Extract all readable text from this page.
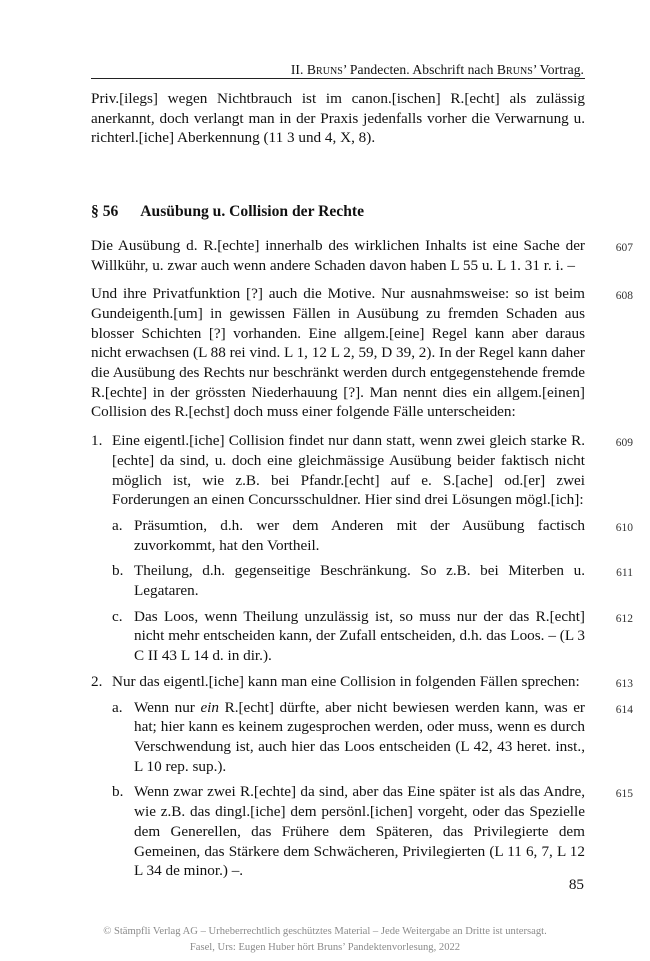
II. Bruns’ Pandecten. Abschrift nach Bruns’ Vortrag.

Priv.[ilegs] wegen Nichtbrauch ist im canon.[ischen] R.[echt] als zulässig anerkannt, doch verlangt man in der Praxis jedenfalls vorher die Verwarnung u. richterl.[iche] Aberkennung (11 3 und 4, X, 8).

§ 56 Ausübung u. Collision der Rechte

Die Ausübung d. R.[echte] innerhalb des wirklichen Inhalts ist eine Sache der Willkühr, u. zwar auch wenn andere Schaden davon haben L 55 u. L 1. 31 r. i. –

607

Und ihre Privatfunktion [?] auch die Motive. Nur ausnahmsweise: so ist beim Gundeigenth.[um] in gewissen Fällen in Ausübung zu fremden Schaden aus blosser Schichten [?] vorhanden. Eine allgem.[eine] Regel kann aber daraus nicht erwachsen (L 88 rei vind. L 1, 12 L 2, 59, D 39, 2). In der Regel kann daher die Ausübung des Rechts nur beschränkt werden durch entgegenstehende fremde R.[echte] in der grössten Niederhauung [?]. Man nennt dies ein allgem.[einen] Collision des R.[echst] doch muss einer folgende Fälle unterscheiden:

608
1. Eine eigentl.[iche] Collision findet nur dann statt, wenn zwei gleich starke R.[echte] da sind, u. doch eine gleichmässige Ausübung beider faktisch nicht möglich ist, wie z.B. bei Pfandr.[echt] auf e. S.[ache] od.[er] zwei Forderungen an einen Concursschuldner. Hier sind drei Lösungen mögl.[ich]:

609
a. Präsumtion, d.h. wer dem Anderen mit der Ausübung factisch zuvorkommt, hat den Vortheil.

610
b. Theilung, d.h. gegenseitige Beschränkung. So z.B. bei Miterben u. Legataren.

611
c. Das Loos, wenn Theilung unzulässig ist, so muss nur der das R.[echt] nicht mehr entscheiden kann, der Zufall entscheiden, d.h. das Loos. – (L 3 C II 43 L 14 d. in dir.).

612
2. Nur das eigentl.[iche] kann man eine Collision in folgenden Fällen sprechen:	613
a. Wenn nur ein R.[echt] dürfte, aber nicht bewiesen werden kann, was er hat; hier kann es keinem zugesprochen werden, oder muss, wenn es durch Verschwendung ist, auch hier das Loos entscheiden (L 42, 43 heret. inst., L 10 rep. sup.).

614
b. Wenn zwar zwei R.[echte] da sind, aber das Eine später ist als das Andre, wie z.B. das dingl.[iche] dem persönl.[ichen] vorgeht, oder das Spezielle dem Generellen, das Frühere dem Späteren, das Privilegierte dem Gemeinen, das Stärkere dem Schwächeren, Privilegierten (L 11 6, 7, L 12 L 34 de minor.) –.

615
85
© Stämpfli Verlag AG – Urheberrechtlich geschütztes Material – Jede Weitergabe an Dritte ist untersagt.
Fasel, Urs: Eugen Huber hört Bruns’ Pandektenvorlesung, 2022
